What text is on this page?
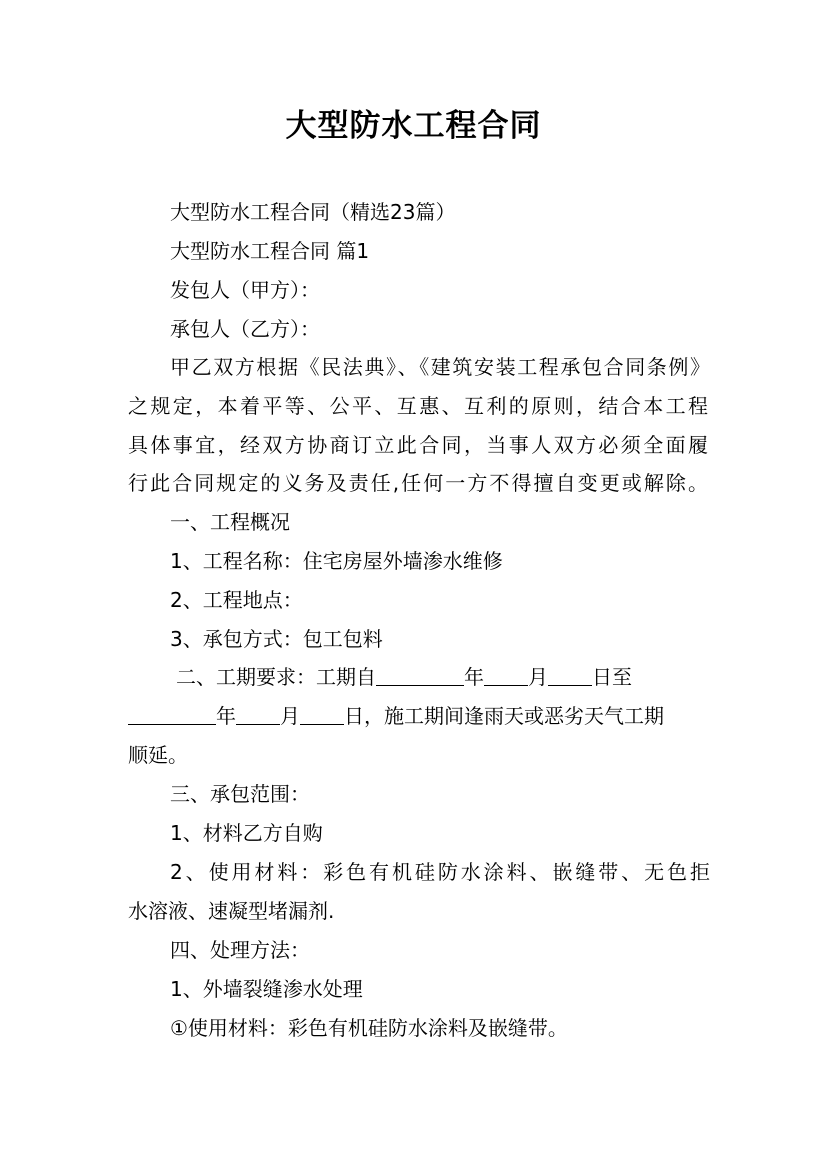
大型防水工程合同
大型防水工程合同（精选23篇）
大型防水工程合同 篇1
发包人（甲方）：
承包人（乙方）：
甲乙双方根据《民法典》、《建筑安装工程承包合同条例》
之规定，本着平等、公平、互惠、互利的原则，结合本工程
具体事宜，经双方协商订立此合同，当事人双方必须全面履
行此合同规定的义务及责任,任何一方不得擅自变更或解除。
一、工程概况
1、工程名称：住宅房屋外墙渗水维修
2、工程地点：
3、承包方式：包工包料
二、工期要求：工期自	年 月 日至
年 月 日，施工期间逢雨天或恶劣天气工期
顺延。
三、承包范围：
1、材料乙方自购
2、使用材料：彩色有机硅防水涂料、嵌缝带、无色拒
水溶液、速凝型堵漏剂.
四、处理方法：
1、外墙裂缝渗水处理
①使用材料：彩色有机硅防水涂料及嵌缝带。
